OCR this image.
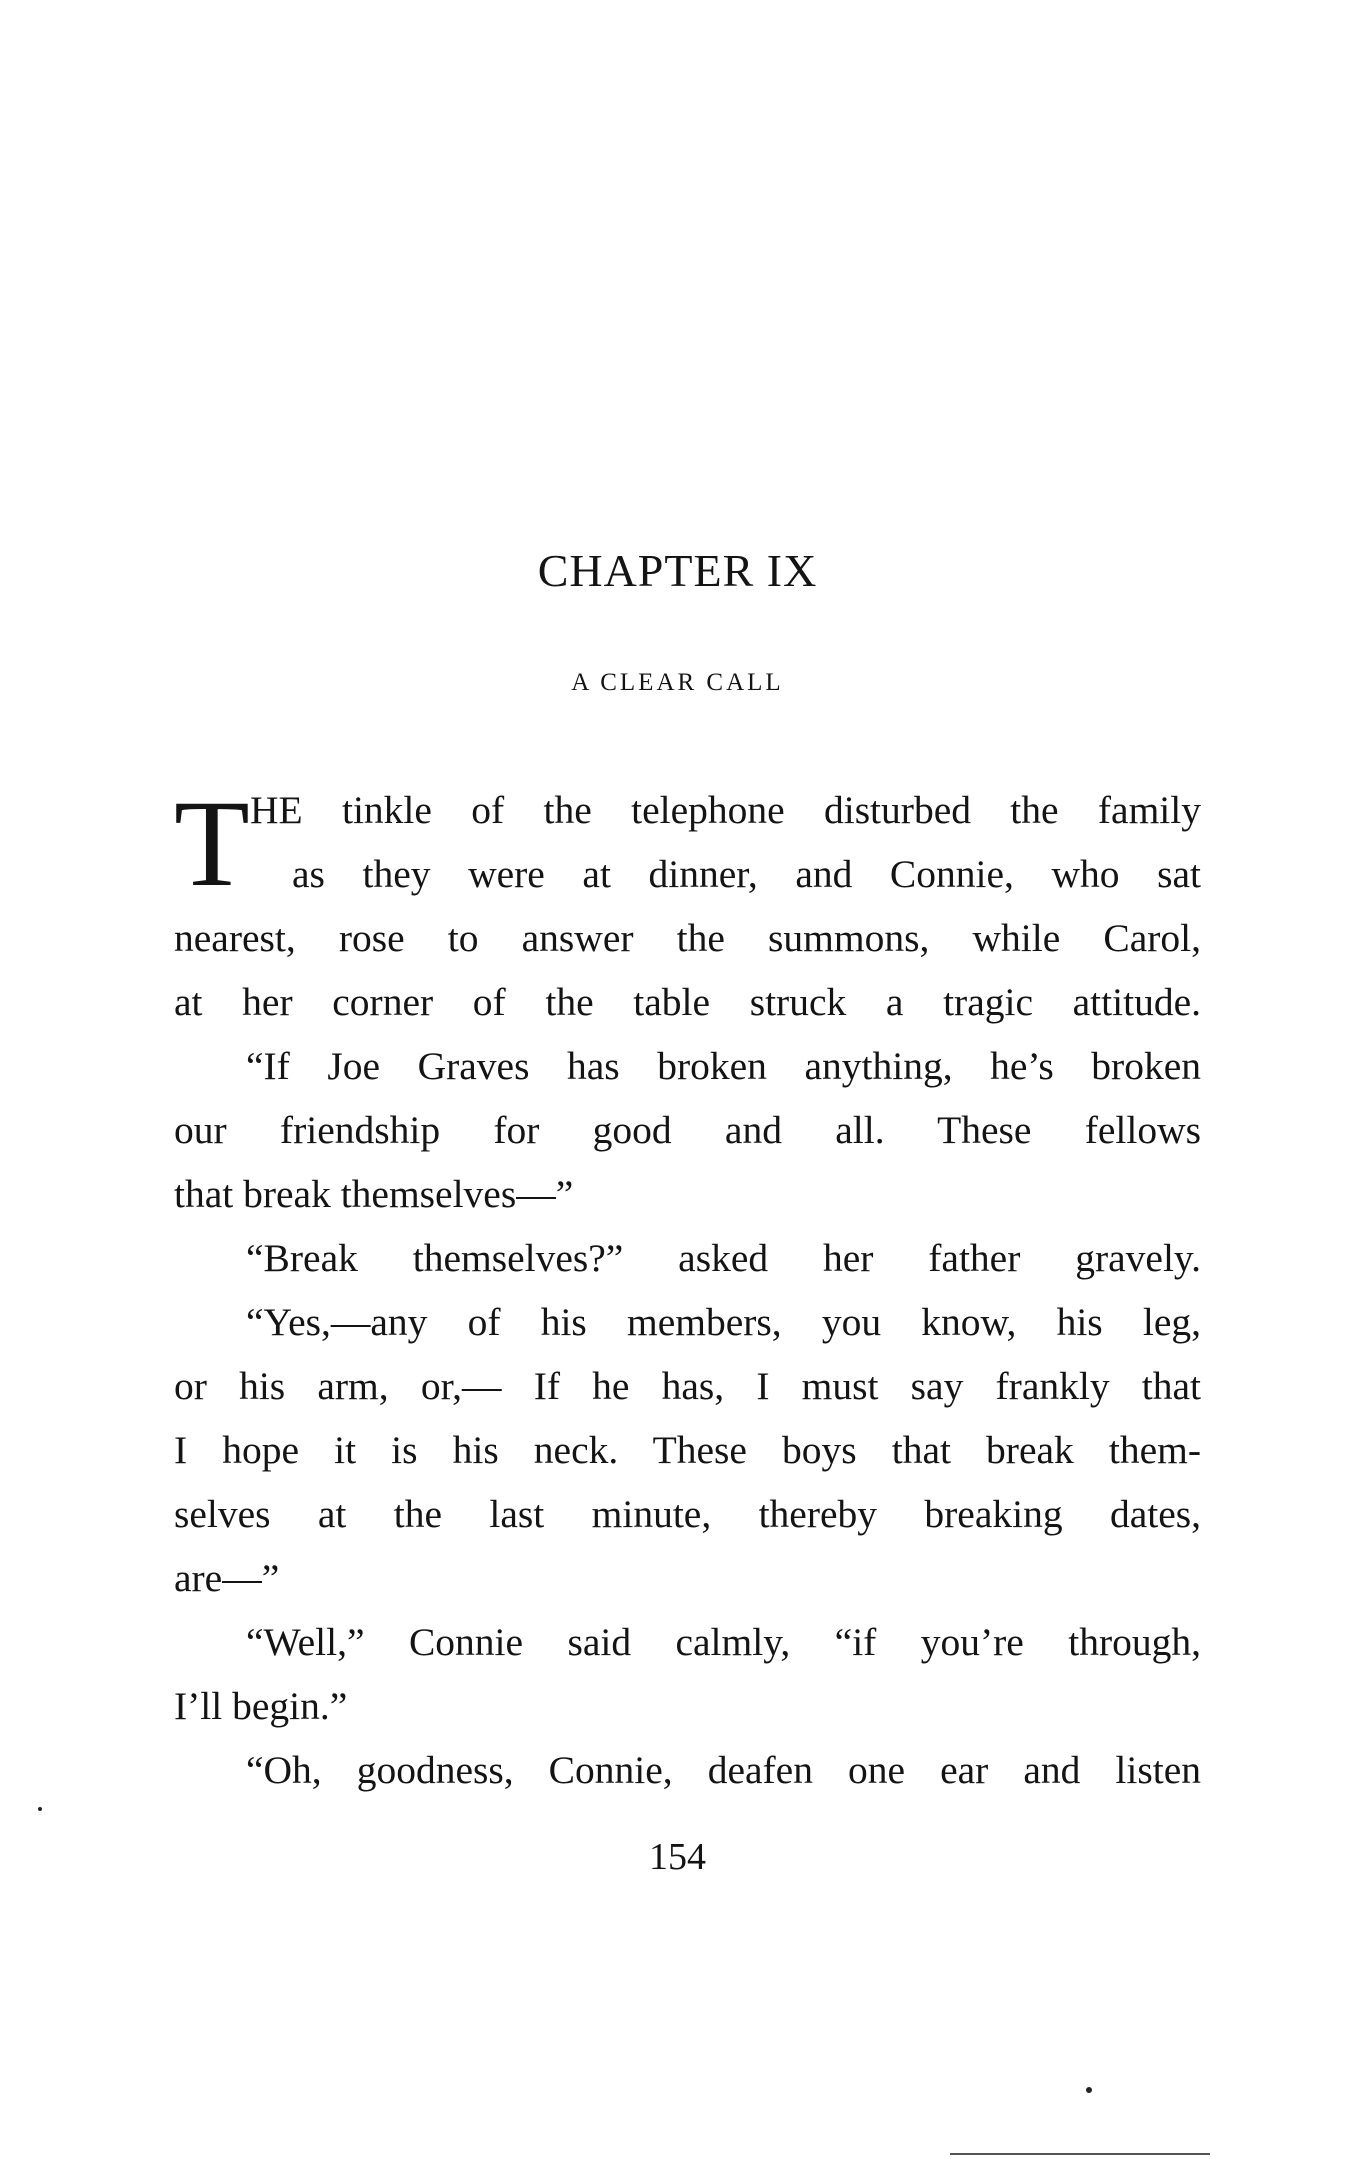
CHAPTER IX
A CLEAR CALL
T HE tinkle of the telephone disturbed the family
as they were at dinner, and Connie, who sat
nearest, rose to answer the summons, while Carol,
at her corner of the table struck a tragic attitude.
“If Joe Graves has broken anything, he’s broken
our friendship for good and all. These fellows
that break themselves—”
“Break themselves?” asked her father gravely.
“Yes,—any of his members, you know, his leg,
or his arm, or,— If he has, I must say frankly that
I hope it is his neck. These boys that break them-
selves at the last minute, thereby breaking dates,
are—”
“Well,” Connie said calmly, “if you’re through,
I’ll begin.”
“Oh, goodness, Connie, deafen one ear and listen
154
